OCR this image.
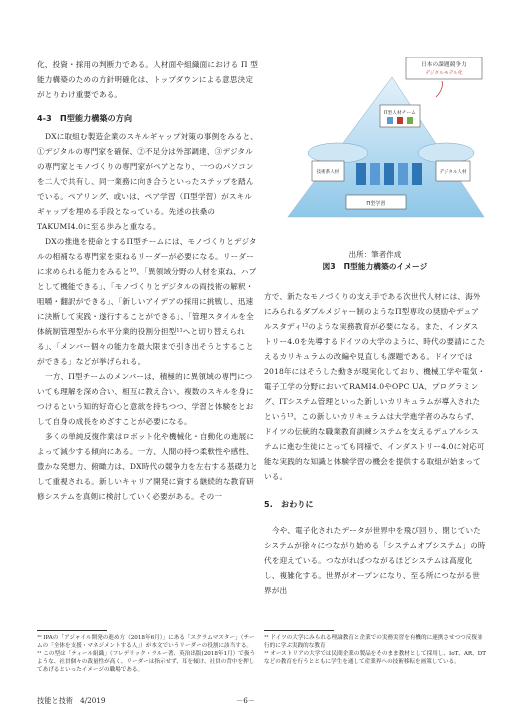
化、投資・採用の判断力である。人材面や組織面における Π 型能力構築のための方針明確化は、トップダウンによる意思決定がとりわけ重要である。

4-3　Π型能力構築の方向

DXに取組む製造企業のスキルギャップ対策の事例をみると、①デジタルの専門家を確保、②不足分は外部調達、③デジタルの専門家とモノづくりの専門家がペアとなり、一つのパソコンを二人で共有し、同一業務に向き合うといったステップを踏んでいる。ペアリング、或いは、ペア学習（Π型学習）がスキルギャップを埋める手段となっている。先述の扶桑のTAKUMI4.0に至る歩みと重なる。

DXの推進を使命とするΠ型チームには、モノづくりとデジタルの相補なる専門家を束ねるリーダーが必要になる。リーダーに求められる能力をみると¹⁰、「異領域分野の人材を束ね、ハブとして機能できる」、「モノづくりとデジタルの両技術の解釈・咀嚼・翻訳ができる」、「新しいアイデアの採用に挑戦し、迅速に決断して実践・遂行することができる」、「管理スタイルを全体統制管理型から水平分業的役割分担型¹¹へと切り替えられる」、「メンバー個々の能力を最大限まで引き出そうとすることができる」などが挙げられる。

一方、Π型チームのメンバーは、積極的に異領域の専門についても理解を深め合い、相互に教え合い、複数のスキルを身につけるという知的好奇心と意欲を持ちつつ、学習と体験をとおして自身の成長をめざすことが必要になる。

多くの単純反復作業はロボット化や機械化・自動化の進展によって減少する傾向にある。一方、人間の持つ柔軟性や感性、豊かな発想力、俯瞰力は、DX時代の競争力を左右する基礎力として重視される。新しいキャリア開発に資する継続的な教育研修システムを真剣に検討していく必要がある。その一

¹⁰ IPAの「アジャイル開発の進め方（2018年6月）」にある「スクラムマスター」（チームの「全体を支援・マネジメントする人」）が本文でいうリーダーの役割に該当する。

¹¹ この型は「ティール組織」（フレデリック・ラルー著、英治出版(2018年1月）で扱うような、社員個々の裁量性が高く、リーダーは指示せず、耳を傾け、社員の背中を押してあげるといったイメージの職場である。

日本の課題競争力
デジタルモデル化
Π型人材チーム
技術系人材	デジタル人材
Π型学習

出所：筆者作成

図3　Π型能力構築のイメージ

方で、新たなモノづくりの支え手である次世代人材には、海外にみられるダブルメジャー制のようなΠ型専攻の奨励やデュアルスタディ¹²のような実務教育が必要になる。また、インダストリー4.0を先導するドイツの大学のように、時代の要請にこたえるカリキュラムの改編や見直しも課題である。ドイツでは2018年にはそうした動きが現実化しており、機械工学や電気・電子工学の分野においてRAMI4.0やOPC UA、プログラミング、ITシステム管理といった新しいカリキュラムが導入されたという¹³。この新しいカリキュラムは大学進学者のみならず、ドイツの伝統的な職業教育訓練システムを支えるデュアルシステムに進む生徒にとっても同様で、インダストリー4.0に対応可能な実践的な知識と体験学習の機会を提供する取組が始まっている。

5.　おわりに

今や、電子化されたデータが世界中を飛び回り、閉じていたシステムが徐々につながり始める「システムオブシステム」の時代を迎えている。つながればつながるほどシステムは高度化し、複雑化する。世界がオープンになり、至る所につながる世界が出

¹² ドイツの大学にみられる理論教育と企業での実務実習を有機的に連携させつつ反復並行的に学ぶ実践的な教育

¹³ オーストリアの大学では民間企業の製品をそのまま教材として採用し、IoT、AR、DTなどの教育を行うとともに学生を通して産業界への技術移転を画策している。

技能と技術　4/2019	－6－
